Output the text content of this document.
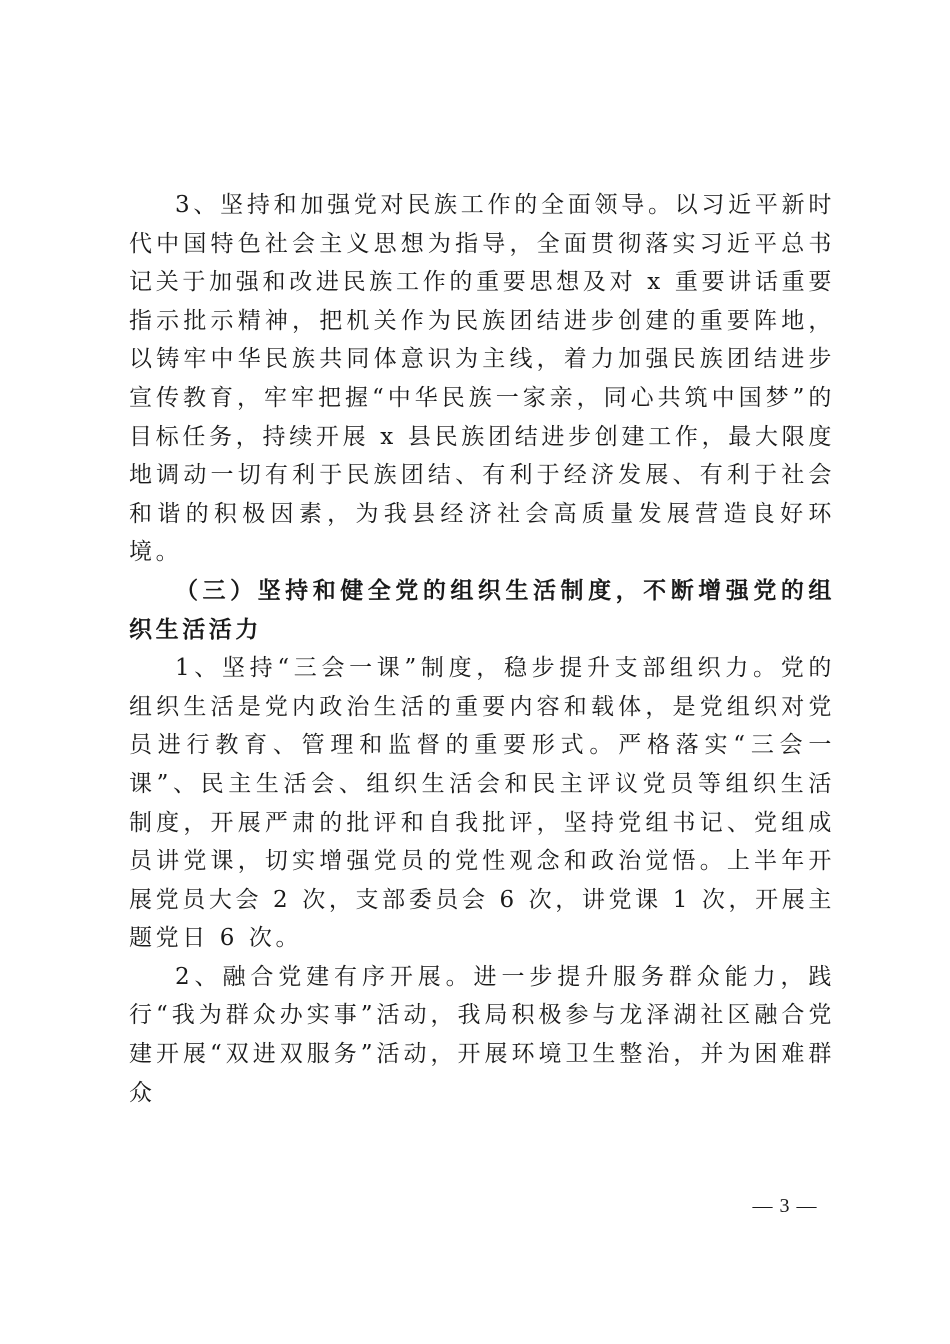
3、坚持和加强党对民族工作的全面领导。以习近平新时代中国特色社会主义思想为指导，全面贯彻落实习近平总书记关于加强和改进民族工作的重要思想及对 x 重要讲话重要指示批示精神，把机关作为民族团结进步创建的重要阵地，以铸牢中华民族共同体意识为主线，着力加强民族团结进步宣传教育，牢牢把握“中华民族一家亲，同心共筑中国梦”的目标任务，持续开展 x 县民族团结进步创建工作，最大限度地调动一切有利于民族团结、有利于经济发展、有利于社会和谐的积极因素，为我县经济社会高质量发展营造良好环境。

（三）坚持和健全党的组织生活制度，不断增强党的组织生活活力

1、坚持“三会一课”制度，稳步提升支部组织力。党的组织生活是党内政治生活的重要内容和载体，是党组织对党员进行教育、管理和监督的重要形式。严格落实“三会一课”、民主生活会、组织生活会和民主评议党员等组织生活制度，开展严肃的批评和自我批评，坚持党组书记、党组成员讲党课，切实增强党员的党性观念和政治觉悟。上半年开展党员大会 2 次，支部委员会 6 次，讲党课 1 次，开展主题党日 6 次。

2、融合党建有序开展。进一步提升服务群众能力，践行“我为群众办实事”活动，我局积极参与龙泽湖社区融合党建开展“双进双服务”活动，开展环境卫生整治，并为困难群众

— 3 —
